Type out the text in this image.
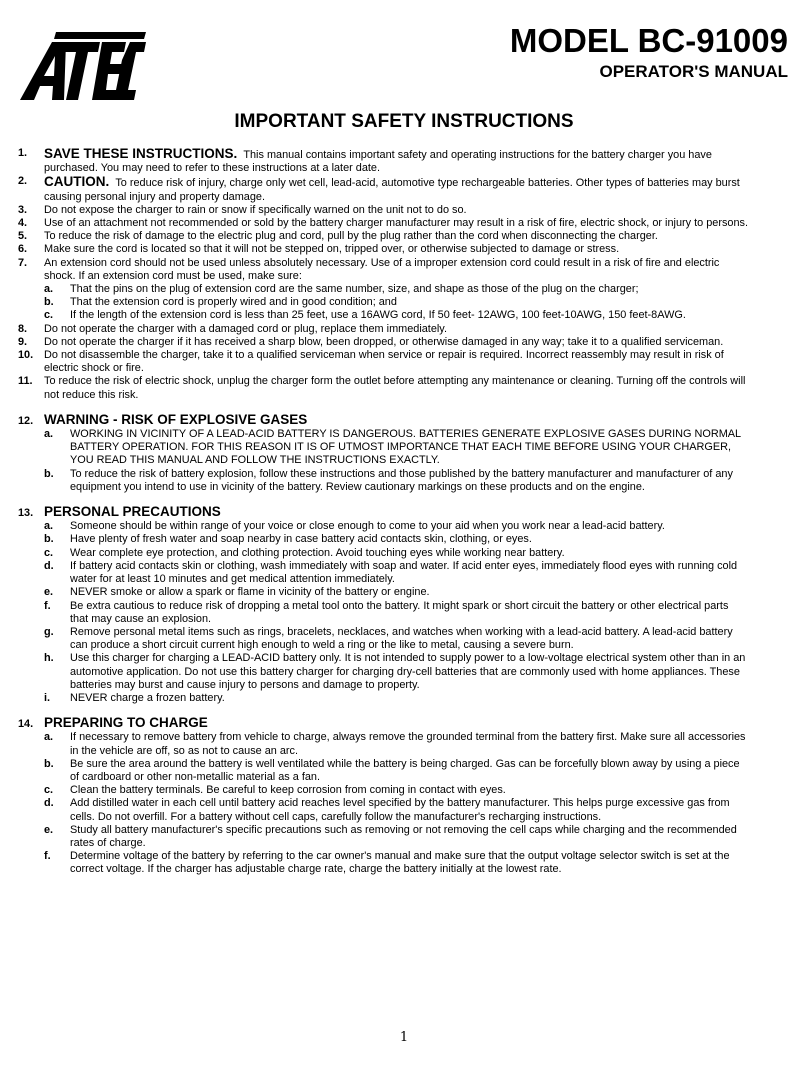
MODEL BC-91009
OPERATOR'S MANUAL
IMPORTANT SAFETY INSTRUCTIONS
1.	SAVE THESE INSTRUCTIONS. This manual contains important safety and operating instructions for the battery charger you have purchased. You may need to refer to these instructions at a later date.
2.	CAUTION. To reduce risk of injury, charge only wet cell, lead-acid, automotive type rechargeable batteries. Other types of batteries may burst causing personal injury and property damage.
3.	Do not expose the charger to rain or snow if specifically warned on the unit not to do so.
4.	Use of an attachment not recommended or sold by the battery charger manufacturer may result in a risk of fire, electric shock, or injury to persons.
5.	To reduce the risk of damage to the electric plug and cord, pull by the plug rather than the cord when disconnecting the charger.
6.	Make sure the cord is located so that it will not be stepped on, tripped over, or otherwise subjected to damage or stress.
7.	An extension cord should not be used unless absolutely necessary. Use of a improper extension cord could result in a risk of fire and electric shock. If an extension cord must be used, make sure:
a.	That the pins on the plug of extension cord are the same number, size, and shape as those of the plug on the charger;
b.	That the extension cord is properly wired and in good condition; and
c.	If the length of the extension cord is less than 25 feet, use a 16AWG cord, If 50 feet- 12AWG, 100 feet-10AWG, 150 feet-8AWG.
8.	Do not operate the charger with a damaged cord or plug, replace them immediately.
9.	Do not operate the charger if it has received a sharp blow, been dropped, or otherwise damaged in any way; take it to a qualified serviceman.
10. Do not disassemble the charger, take it to a qualified serviceman when service or repair is required. Incorrect reassembly may result in risk of electric shock or fire.
11.	To reduce the risk of electric shock, unplug the charger form the outlet before attempting any maintenance or cleaning. Turning off the controls will not reduce this risk.
12. WARNING - RISK OF EXPLOSIVE GASES
a.	WORKING IN VICINITY OF A LEAD-ACID BATTERY IS DANGEROUS. BATTERIES GENERATE EXPLOSIVE GASES DURING NORMAL BATTERY OPERATION. FOR THIS REASON IT IS OF UTMOST IMPORTANCE THAT EACH TIME BEFORE USING YOUR CHARGER, YOU READ THIS MANUAL AND FOLLOW THE INSTRUCTIONS EXACTLY.
b.	To reduce the risk of battery explosion, follow these instructions and those published by the battery manufacturer and manufacturer of any equipment you intend to use in vicinity of the battery. Review cautionary markings on these products and on the engine.
13. PERSONAL PRECAUTIONS
a.	Someone should be within range of your voice or close enough to come to your aid when you work near a lead-acid battery.
b.	Have plenty of fresh water and soap nearby in case battery acid contacts skin, clothing, or eyes.
c.	Wear complete eye protection, and clothing protection. Avoid touching eyes while working near battery.
d.	If battery acid contacts skin or clothing, wash immediately with soap and water. If acid enter eyes, immediately flood eyes with running cold water for at least 10 minutes and get medical attention immediately.
e.	NEVER smoke or allow a spark or flame in vicinity of the battery or engine.
f.	Be extra cautious to reduce risk of dropping a metal tool onto the battery. It might spark or short circuit the battery or other electrical parts that may cause an explosion.
g.	Remove personal metal items such as rings, bracelets, necklaces, and watches when working with a lead-acid battery. A lead-acid battery can produce a short circuit current high enough to weld a ring or the like to metal, causing a severe burn.
h.	Use this charger for charging a LEAD-ACID battery only. It is not intended to supply power to a low-voltage electrical system other than in an automotive application. Do not use this battery charger for charging dry-cell batteries that are commonly used with home appliances. These batteries may burst and cause injury to persons and damage to property.
i.	NEVER charge a frozen battery.
14. PREPARING TO CHARGE
a.	If necessary to remove battery from vehicle to charge, always remove the grounded terminal from the battery first. Make sure all accessories in the vehicle are off, so as not to cause an arc.
b.	Be sure the area around the battery is well ventilated while the battery is being charged. Gas can be forcefully blown away by using a piece of cardboard or other non-metallic material as a fan.
c.	Clean the battery terminals. Be careful to keep corrosion from coming in contact with eyes.
d.	Add distilled water in each cell until battery acid reaches level specified by the battery manufacturer. This helps purge excessive gas from cells. Do not overfill. For a battery without cell caps, carefully follow the manufacturer's recharging instructions.
e.	Study all battery manufacturer's specific precautions such as removing or not removing the cell caps while charging and the recommended rates of charge.
f.	Determine voltage of the battery by referring to the car owner's manual and make sure that the output voltage selector switch is set at the correct voltage. If the charger has adjustable charge rate, charge the battery initially at the lowest rate.
1
